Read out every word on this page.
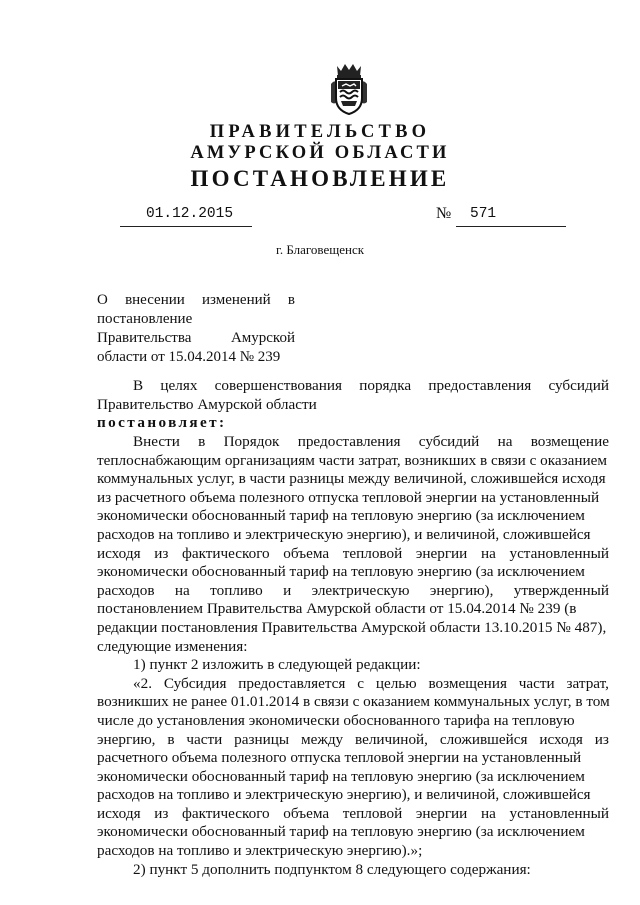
ПРАВИТЕЛЬСТВО
АМУРСКОЙ ОБЛАСТИ
ПОСТАНОВЛЕНИЕ
01.12.2015	№ 571
г. Благовещенск
О внесении изменений в
постановление
Правительства	Амурской
области от 15.04.2014 № 239
В целях совершенствования порядка предоставления субсидий
Правительство Амурской области
постановляет:
Внести в Порядок предоставления субсидий на возмещение
теплоснабжающим организациям части затрат, возникших в связи с оказанием
коммунальных услуг, в части разницы между величиной, сложившейся исходя
из расчетного объема полезного отпуска тепловой энергии на установленный
экономически обоснованный тариф на тепловую энергию (за исключением
расходов на топливо и электрическую энергию), и величиной, сложившейся
исходя из фактического объема тепловой энергии на установленный
экономически обоснованный тариф на тепловую энергию (за исключением
расходов на топливо и электрическую энергию), утвержденный
постановлением Правительства Амурской области от 15.04.2014 № 239 (в
редакции постановления Правительства Амурской области 13.10.2015 № 487),
следующие изменения:
1) пункт 2 изложить в следующей редакции:
«2. Субсидия предоставляется с целью возмещения части затрат,
возникших не ранее 01.01.2014 в связи с оказанием коммунальных услуг, в том
числе до установления экономически обоснованного тарифа на тепловую
энергию, в части разницы между величиной, сложившейся исходя из
расчетного объема полезного отпуска тепловой энергии на установленный
экономически обоснованный тариф на тепловую энергию (за исключением
расходов на топливо и электрическую энергию), и величиной, сложившейся
исходя из фактического объема тепловой энергии на установленный
экономически обоснованный тариф на тепловую энергию (за исключением
расходов на топливо и электрическую энергию).»;
2) пункт 5 дополнить подпунктом 8 следующего содержания:
